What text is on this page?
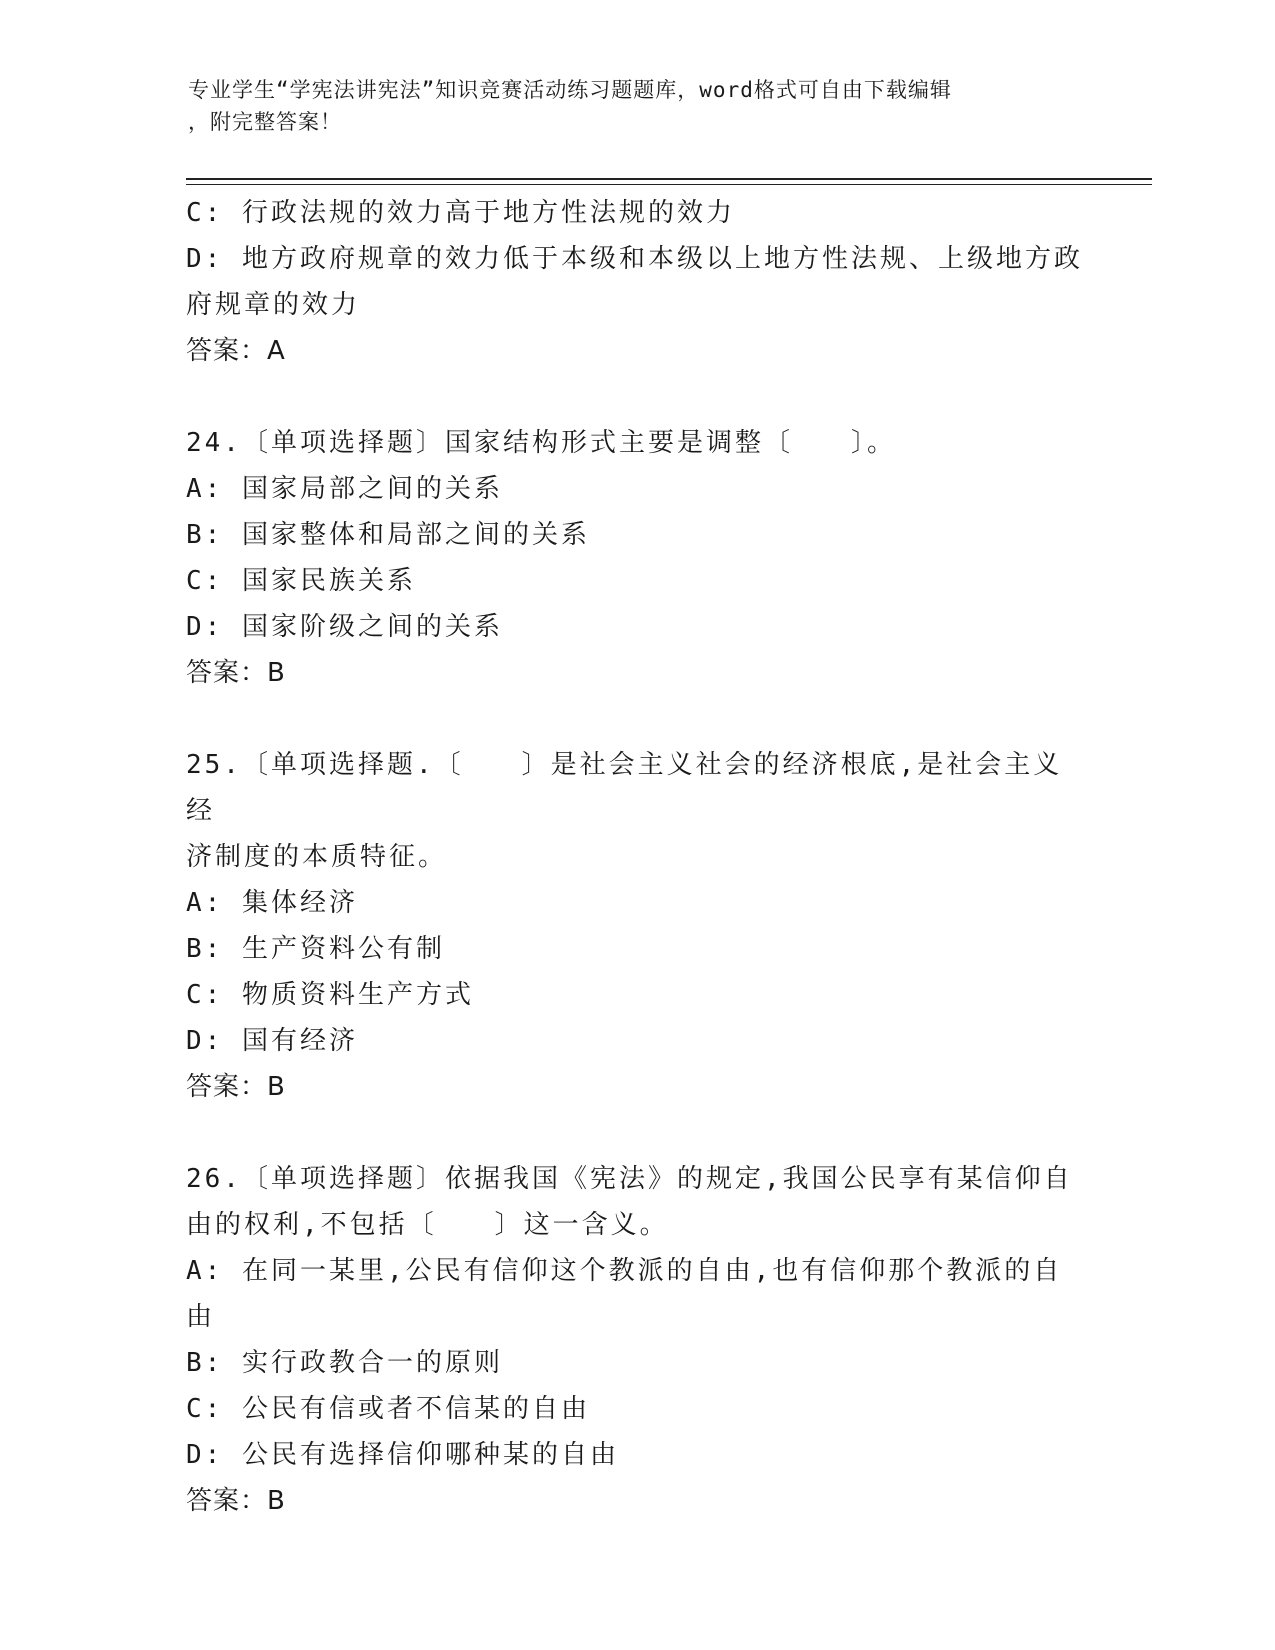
专业学生“学宪法讲宪法”知识竞赛活动练习题题库，word格式可自由下载编辑
，附完整答案！
C: 行政法规的效力高于地方性法规的效力
D: 地方政府规章的效力低于本级和本级以上地方性法规、上级地方政
府规章的效力
答案：A
24.〔单项选择题〕国家结构形式主要是调整〔　　〕。
A: 国家局部之间的关系
B: 国家整体和局部之间的关系
C: 国家民族关系
D: 国家阶级之间的关系
答案：B
25.〔单项选择题.〔　　〕是社会主义社会的经济根底,是社会主义经
济制度的本质特征。
A: 集体经济
B: 生产资料公有制
C: 物质资料生产方式
D: 国有经济
答案：B
26.〔单项选择题〕依据我国《宪法》的规定,我国公民享有某信仰自
由的权利,不包括〔　　〕这一含义。
A: 在同一某里,公民有信仰这个教派的自由,也有信仰那个教派的自由
B: 实行政教合一的原则
C: 公民有信或者不信某的自由
D: 公民有选择信仰哪种某的自由
答案：B
